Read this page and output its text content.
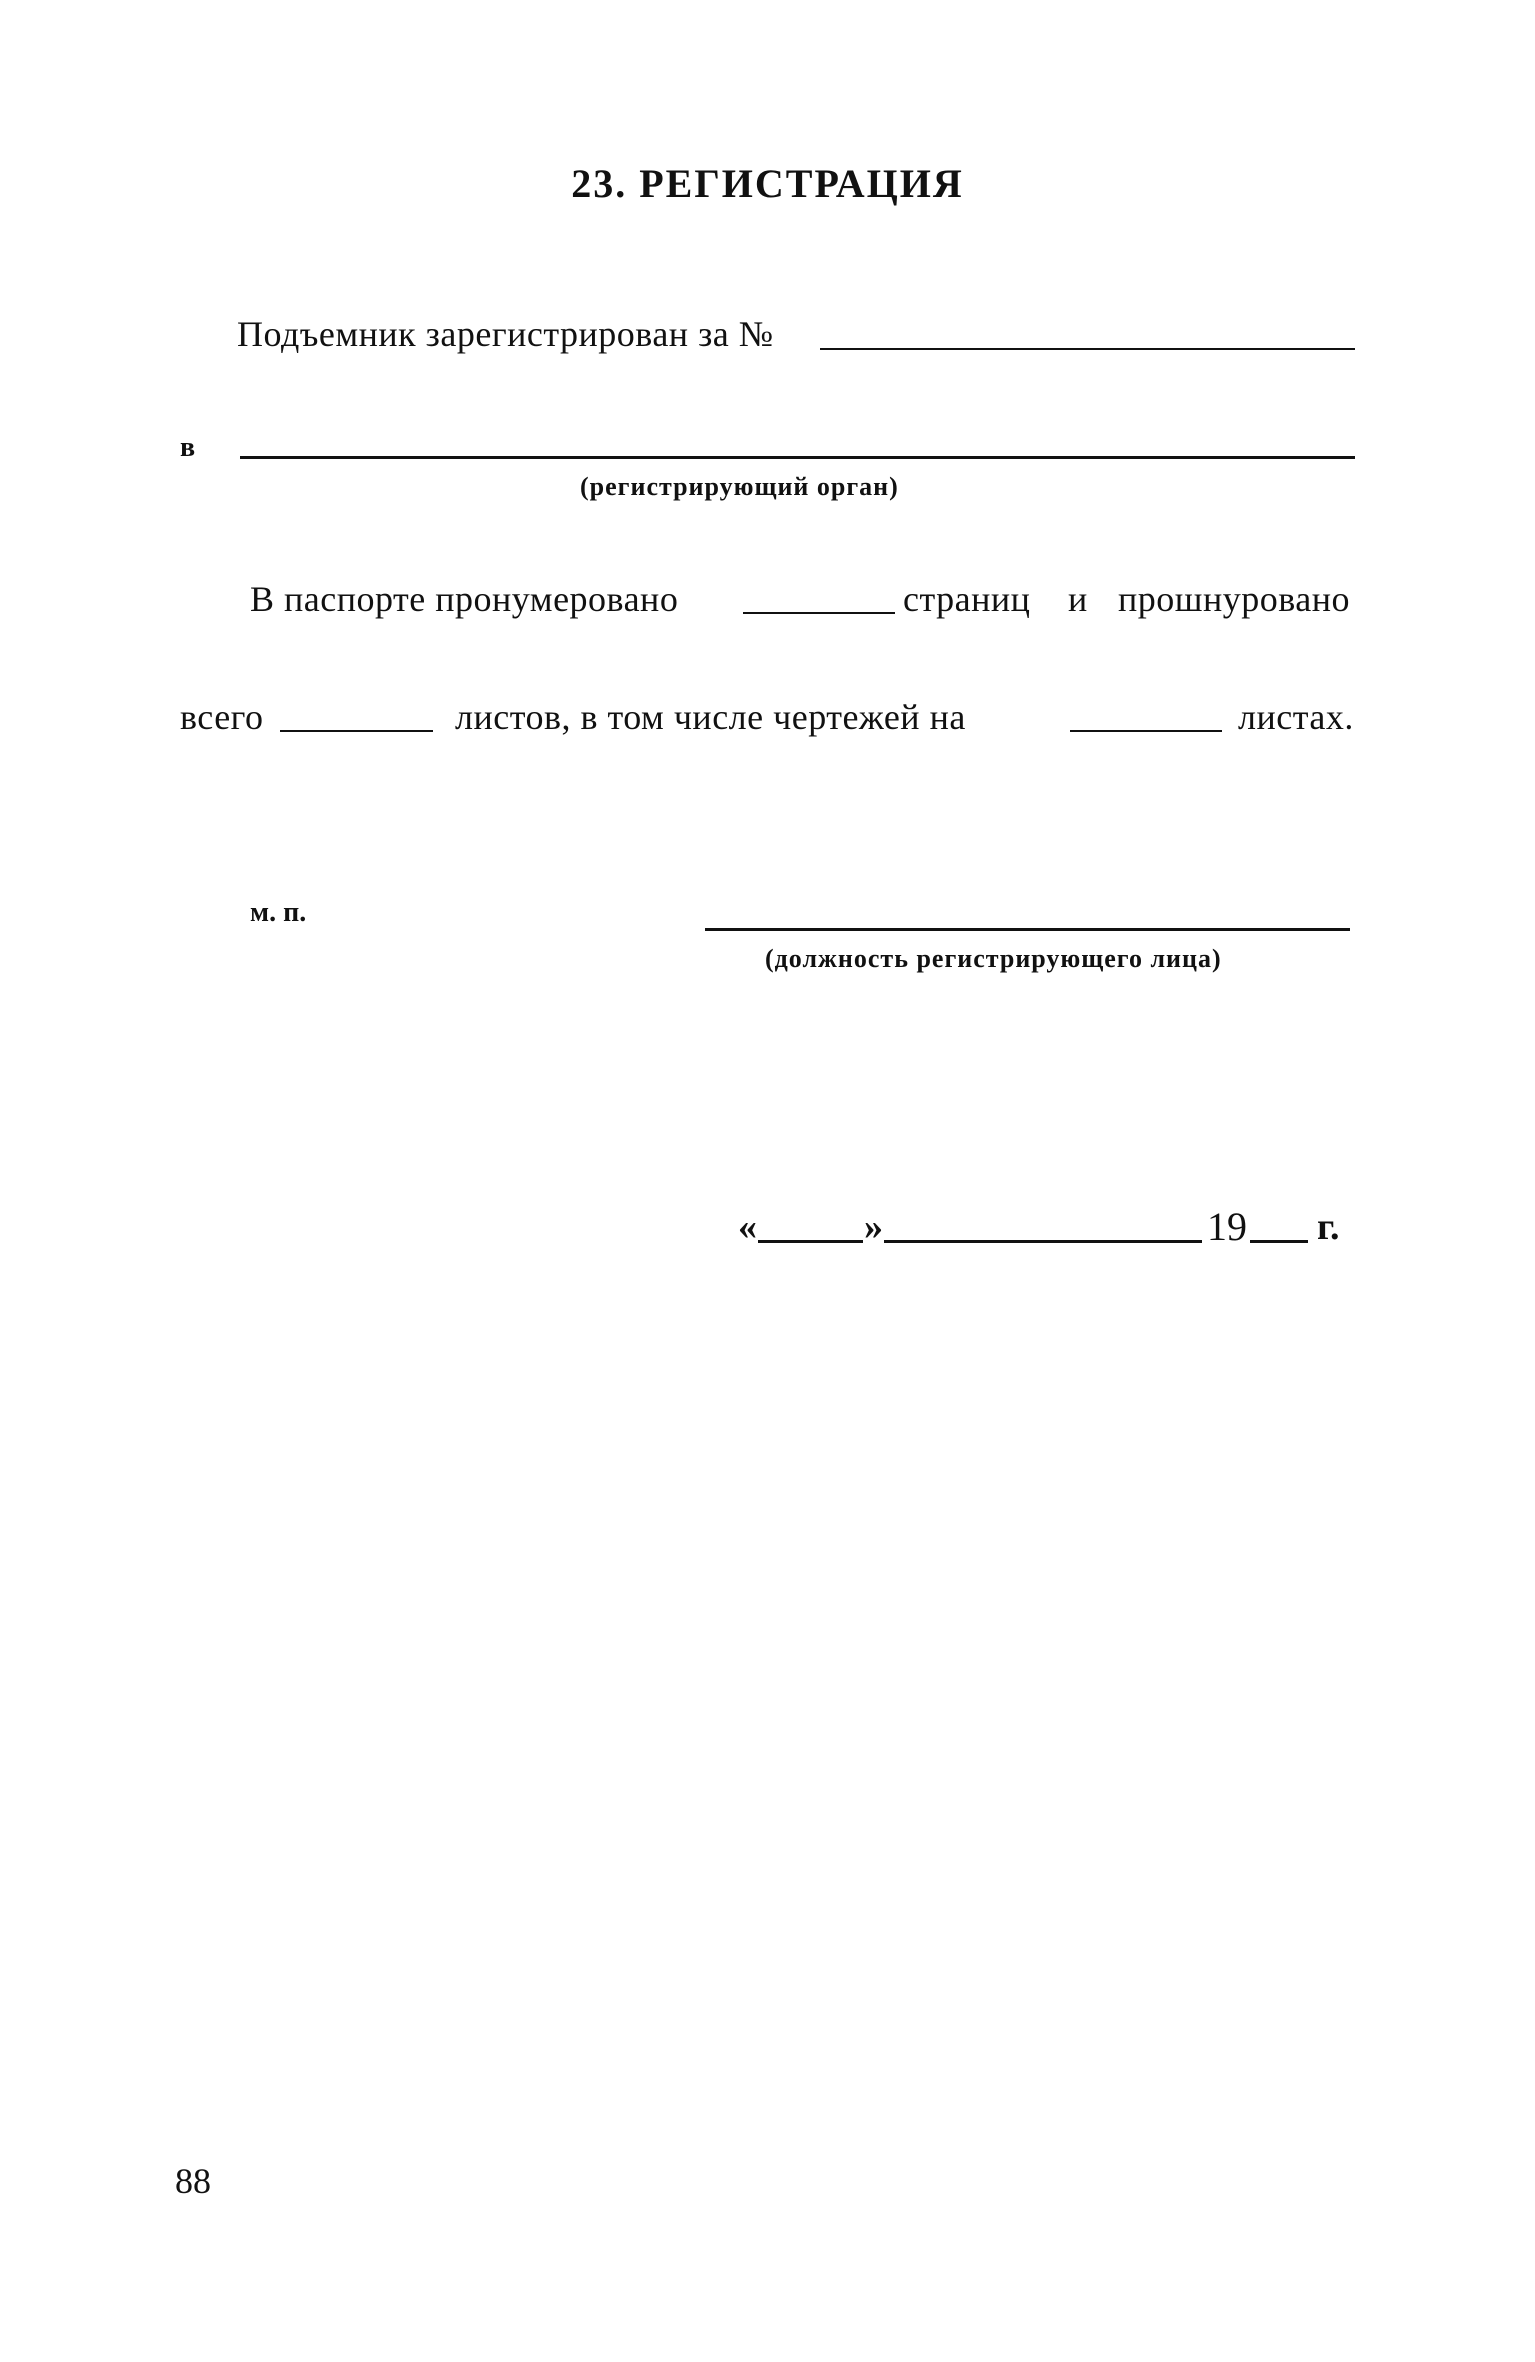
23. РЕГИСТРАЦИЯ
Подъемник зарегистрирован за №
в
(регистрирующий орган)
В паспорте пронумеровано	страниц и прошнуровано
всего	листов, в том числе чертежей на	листах.
м. п.
(должность регистрирующего лица)
«	»	19 г.
88
